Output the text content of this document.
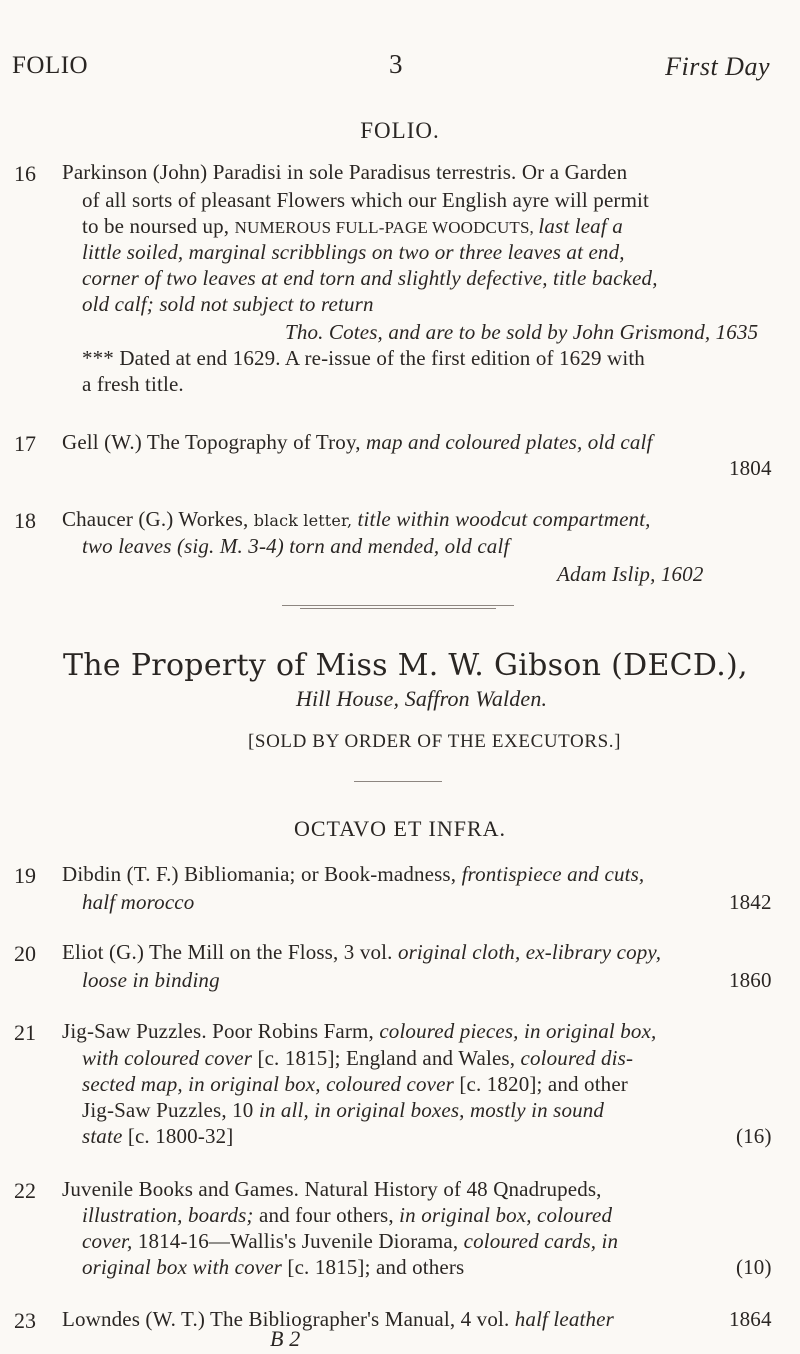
FOLIO	3	First Day
FOLIO.
16 Parkinson (John) Paradisi in sole Paradisus terrestris. Or a Garden
of all sorts of pleasant Flowers which our English ayre will permit
to be noursed up, NUMEROUS FULL-PAGE WOODCUTS, last leaf a
little soiled, marginal scribblings on two or three leaves at end,
corner of two leaves at end torn and slightly defective, title backed,
old calf; sold not subject to return
Tho. Cotes, and are to be sold by John Grismond, 1635
*** Dated at end 1629. A re-issue of the first edition of 1629 with
a fresh title.
17 Gell (W.) The Topography of Troy, map and coloured plates, old calf
1804
18 Chaucer (G.) Workes, black letter, title within woodcut compartment,
two leaves (sig. M. 3-4) torn and mended, old calf
Adam Islip, 1602
The Property of Miss M. W. Gibson (DECD.),
Hill House, Saffron Walden.
[SOLD BY ORDER OF THE EXECUTORS.]
OCTAVO ET INFRA.
19 Dibdin (T. F.) Bibliomania; or Book-madness, frontispiece and cuts,
half morocco	1842
20 Eliot (G.) The Mill on the Floss, 3 vol. original cloth, ex-library copy,
loose in binding	1860
21 Jig-Saw Puzzles. Poor Robins Farm, coloured pieces, in original box,
with coloured cover [c. 1815]; England and Wales, coloured dis-
sected map, in original box, coloured cover [c. 1820]; and other
Jig-Saw Puzzles, 10 in all, in original boxes, mostly in sound
state [c. 1800-32]	(16)
22 Juvenile Books and Games. Natural History of 48 Qnadrupeds,
illustration, boards; and four others, in original box, coloured
cover, 1814-16—Wallis's Juvenile Diorama, coloured cards, in
original box with cover [c. 1815]; and others	(10)
23 Lowndes (W. T.) The Bibliographer's Manual, 4 vol. half leather	1864
B 2
